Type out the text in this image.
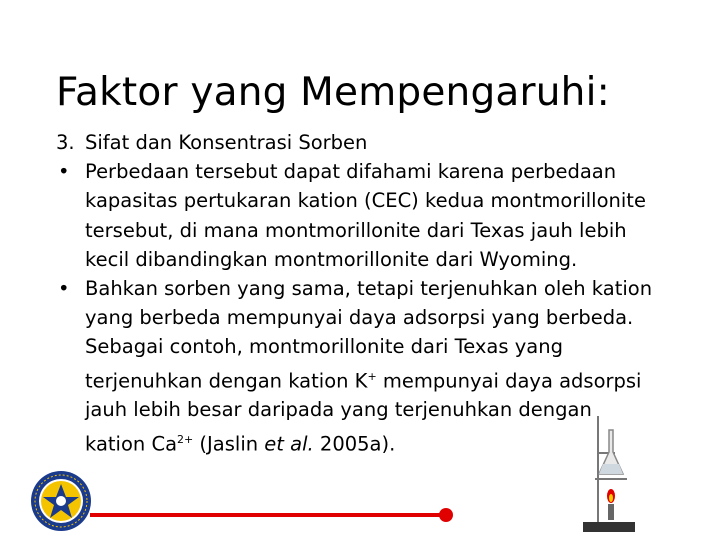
Faktor yang Mempengaruhi:
3. Sifat dan Konsentrasi Sorben
• Perbedaan tersebut dapat difahami karena perbedaan kapasitas pertukaran kation (CEC) kedua montmorillonite tersebut, di mana montmorillonite dari Texas jauh lebih kecil dibandingkan montmorillonite dari Wyoming.
• Bahkan sorben yang sama, tetapi terjenuhkan oleh kation yang berbeda mempunyai daya adsorpsi yang berbeda. Sebagai contoh, montmorillonite dari Texas yang terjenuhkan dengan kation K+ mempunyai daya adsorpsi jauh lebih besar daripada yang terjenuhkan dengan kation $Ca^{2+}$ (Jaslin et al. 2005a).
